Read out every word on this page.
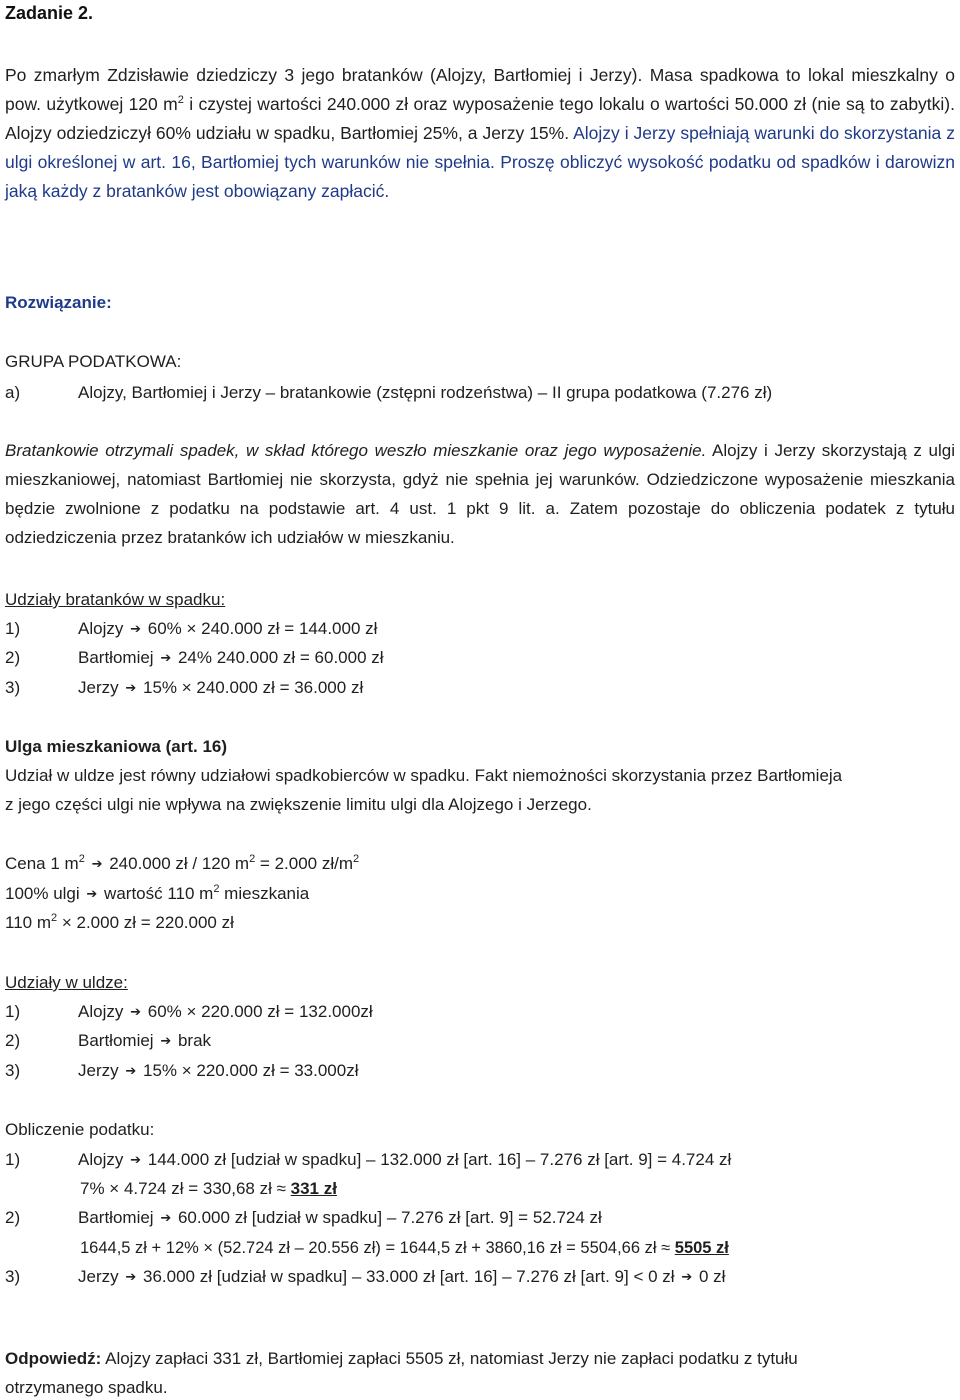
Zadanie 2.
Po zmarłym Zdzisławie dziedziczy 3 jego bratanków (Alojzy, Bartłomiej i Jerzy). Masa spadkowa to lokal mieszkalny o pow. użytkowej 120 $m^2$ i czystej wartości 240.000 zł oraz wyposażenie tego lokalu o wartości 50.000 zł (nie są to zabytki). Alojzy odziedziczył 60% udziału w spadku, Bartłomiej 25%, a Jerzy 15%. Alojzy i Jerzy spełniają warunki do skorzystania z ulgi określonej w art. 16, Bartłomiej tych warunków nie spełnia. Proszę obliczyć wysokość podatku od spadków i darowizn jaką każdy z bratanków jest obowiązany zapłacić.
Rozwiązanie:
GRUPA PODATKOWA:
a)	Alojzy, Bartłomiej i Jerzy – bratankowie (zstępni rodzeństwa) – II grupa podatkowa (7.276 zł)
Bratankowie otrzymali spadek, w skład którego weszło mieszkanie oraz jego wyposażenie. Alojzy i Jerzy skorzystają z ulgi mieszkaniowej, natomiast Bartłomiej nie skorzysta, gdyż nie spełnia jej warunków. Odziedziczone wyposażenie mieszkania będzie zwolnione z podatku na podstawie art. 4 ust. 1 pkt 9 lit. a. Zatem pozostaje do obliczenia podatek z tytułu odziedziczenia przez bratanków ich udziałów w mieszkaniu.
Udziały bratanków w spadku:
1)	Alojzy ➔ 60% × 240.000 zł = 144.000 zł
2)	Bartłomiej ➔ 24% 240.000 zł = 60.000 zł
3)	Jerzy ➔ 15% × 240.000 zł = 36.000 zł
Ulga mieszkaniowa (art. 16)
Udział w uldze jest równy udziałowi spadkobierców w spadku. Fakt niemożności skorzystania przez Bartłomieja
z jego części ulgi nie wpływa na zwiększenie limitu ulgi dla Alojzego i Jerzego.
Cena 1 $m^2$ ➔ 240.000 zł / 120 $m^2 = 2.000$ $zł/m^2$
100% ulgi ➔ wartość 110 $m^2$ mieszkania
110 $m^2 \times 2.000$ zł = 220.000 zł
Udziały w uldze:
1)	Alojzy ➔ 60% × 220.000 zł = 132.000zł
2)	Bartłomiej ➔ brak
3)	Jerzy ➔ 15% × 220.000 zł = 33.000zł
Obliczenie podatku:
1)	Alojzy ➔ 144.000 zł [udział w spadku] – 132.000 zł [art. 16] – 7.276 zł [art. 9] = 4.724 zł
7% × 4.724 zł = 330,68 zł ≈ 331 zł
2)	Bartłomiej ➔ 60.000 zł [udział w spadku] – 7.276 zł [art. 9] = 52.724 zł
1644,5 zł + 12% × (52.724 zł – 20.556 zł) = 1644,5 zł + 3860,16 zł = 5504,66 zł ≈ 5505 zł
3)	Jerzy ➔ 36.000 zł [udział w spadku] – 33.000 zł [art. 16] – 7.276 zł [art. 9] < 0 zł ➔ 0 zł
Odpowiedź: Alojzy zapłaci 331 zł, Bartłomiej zapłaci 5505 zł, natomiast Jerzy nie zapłaci podatku z tytułu
otrzymanego spadku.
